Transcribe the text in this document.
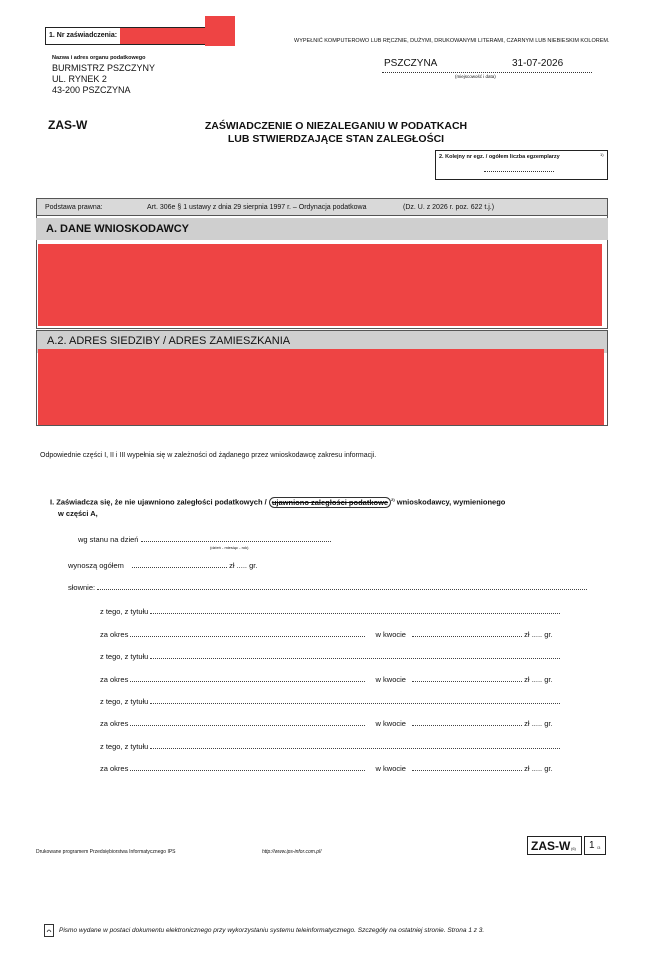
1. Nr zaświadczenia:
WYPEŁNIĆ KOMPUTEROWO LUB RĘCZNIE, DUŻYMI, DRUKOWANYMI LITERAMI, CZARNYM LUB NIEBIESKIM KOLOREM.
Nazwa i adres organu podatkowego
BURMISTRZ PSZCZYNY
UL. RYNEK 2
43-200 PSZCZYNA
PSZCZYNA	31-07-2026
(miejscowość i data)
ZAS-W	ZAŚWIADCZENIE O NIEZALEGANIU W PODATKACH
LUB STWIERDZAJĄCE STAN ZALEGŁOŚCI
2. Kolejny nr egz. / ogółem liczba egzemplarzy	1)
Podstawa prawna:	Art. 306e § 1 ustawy z dnia 29 sierpnia 1997 r. – Ordynacja podatkowa	(Dz. U. z 2026 r. poz. 622 t.j.)
A. DANE WNIOSKODAWCY
A.2. ADRES SIEDZIBY / ADRES ZAMIESZKANIA
Odpowiednie części I, II i III wypełnia się w zależności od żądanego przez wnioskodawcę zakresu informacji.
I. Zaświadcza się, że nie ujawniono zaległości podatkowych / ujawniono zaległości podatkowe $^{2)}$ wnioskodawcy, wymienionego
w części A,
wg stanu na dzień
(dzień - miesiąc - rok)
wynoszą ogółem	zł ..... gr.
słownie:
z tego, z tytułu
za okres	w kwocie	zł ..... gr.
z tego, z tytułu
za okres	w kwocie	zł ..... gr.
z tego, z tytułu
za okres	w kwocie	zł ..... gr.
z tego, z tytułu
za okres	w kwocie	zł ..... gr.
Drukowane programem Przedsiębiorstwa Informatycznego IPS	http://www.ips-infor.com.pl/	ZAS-W (6) 1 /3
Pismo wydane w postaci dokumentu elektronicznego przy wykorzystaniu systemu teleinformatycznego. Szczegóły na ostatniej stronie. Strona 1 z 3.
